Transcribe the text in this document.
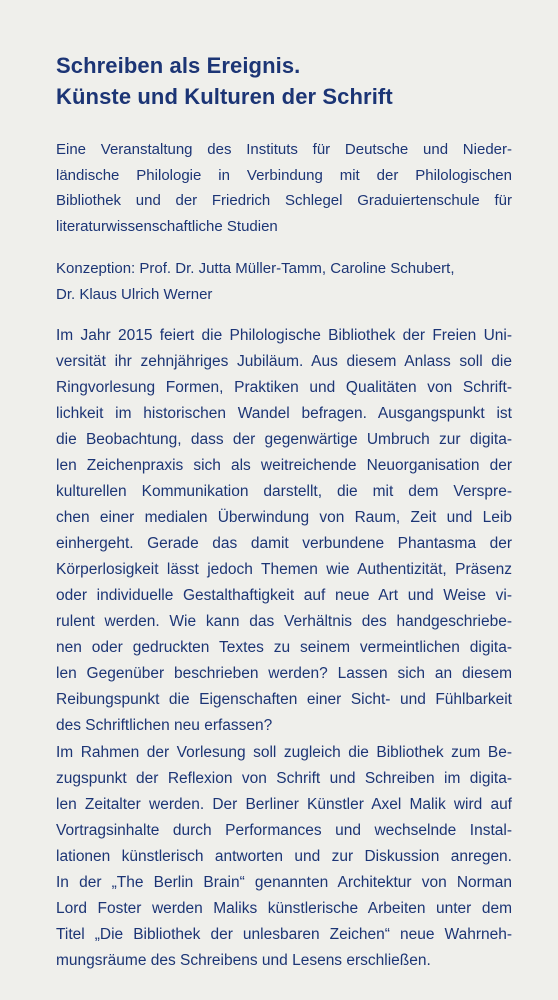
Schreiben als Ereignis.
Künste und Kulturen der Schrift
Eine Veranstaltung des Instituts für Deutsche und Nieder-
ländische Philologie in Verbindung mit der Philologischen
Bibliothek und der Friedrich Schlegel Graduiertenschule für
literaturwissenschaftliche Studien
Konzeption: Prof. Dr. Jutta Müller-Tamm, Caroline Schubert,
Dr. Klaus Ulrich Werner
Im Jahr 2015 feiert die Philologische Bibliothek der Freien Uni-
versität ihr zehnjähriges Jubiläum. Aus diesem Anlass soll die
Ringvorlesung Formen, Praktiken und Qualitäten von Schrift-
lichkeit im historischen Wandel befragen. Ausgangspunkt ist
die Beobachtung, dass der gegenwärtige Umbruch zur digita-
len Zeichenpraxis sich als weitreichende Neuorganisation der
kulturellen Kommunikation darstellt, die mit dem Verspre-
chen einer medialen Überwindung von Raum, Zeit und Leib
einhergeht. Gerade das damit verbundene Phantasma der
Körperlosigkeit lässt jedoch Themen wie Authentizität, Präsenz
oder individuelle Gestalthaftigkeit auf neue Art und Weise vi-
rulent werden. Wie kann das Verhältnis des handgeschriebe-
nen oder gedruckten Textes zu seinem vermeintlichen digita-
len Gegenüber beschrieben werden? Lassen sich an diesem
Reibungspunkt die Eigenschaften einer Sicht- und Fühlbarkeit
des Schriftlichen neu erfassen?
Im Rahmen der Vorlesung soll zugleich die Bibliothek zum Be-
zugspunkt der Reflexion von Schrift und Schreiben im digita-
len Zeitalter werden. Der Berliner Künstler Axel Malik wird auf
Vortragsinhalte durch Performances und wechselnde Instal-
lationen künstlerisch antworten und zur Diskussion anregen.
In der „The Berlin Brain“ genannten Architektur von Norman
Lord Foster werden Maliks künstlerische Arbeiten unter dem
Titel „Die Bibliothek der unlesbaren Zeichen“ neue Wahrneh-
mungsräume des Schreibens und Lesens erschließen.
